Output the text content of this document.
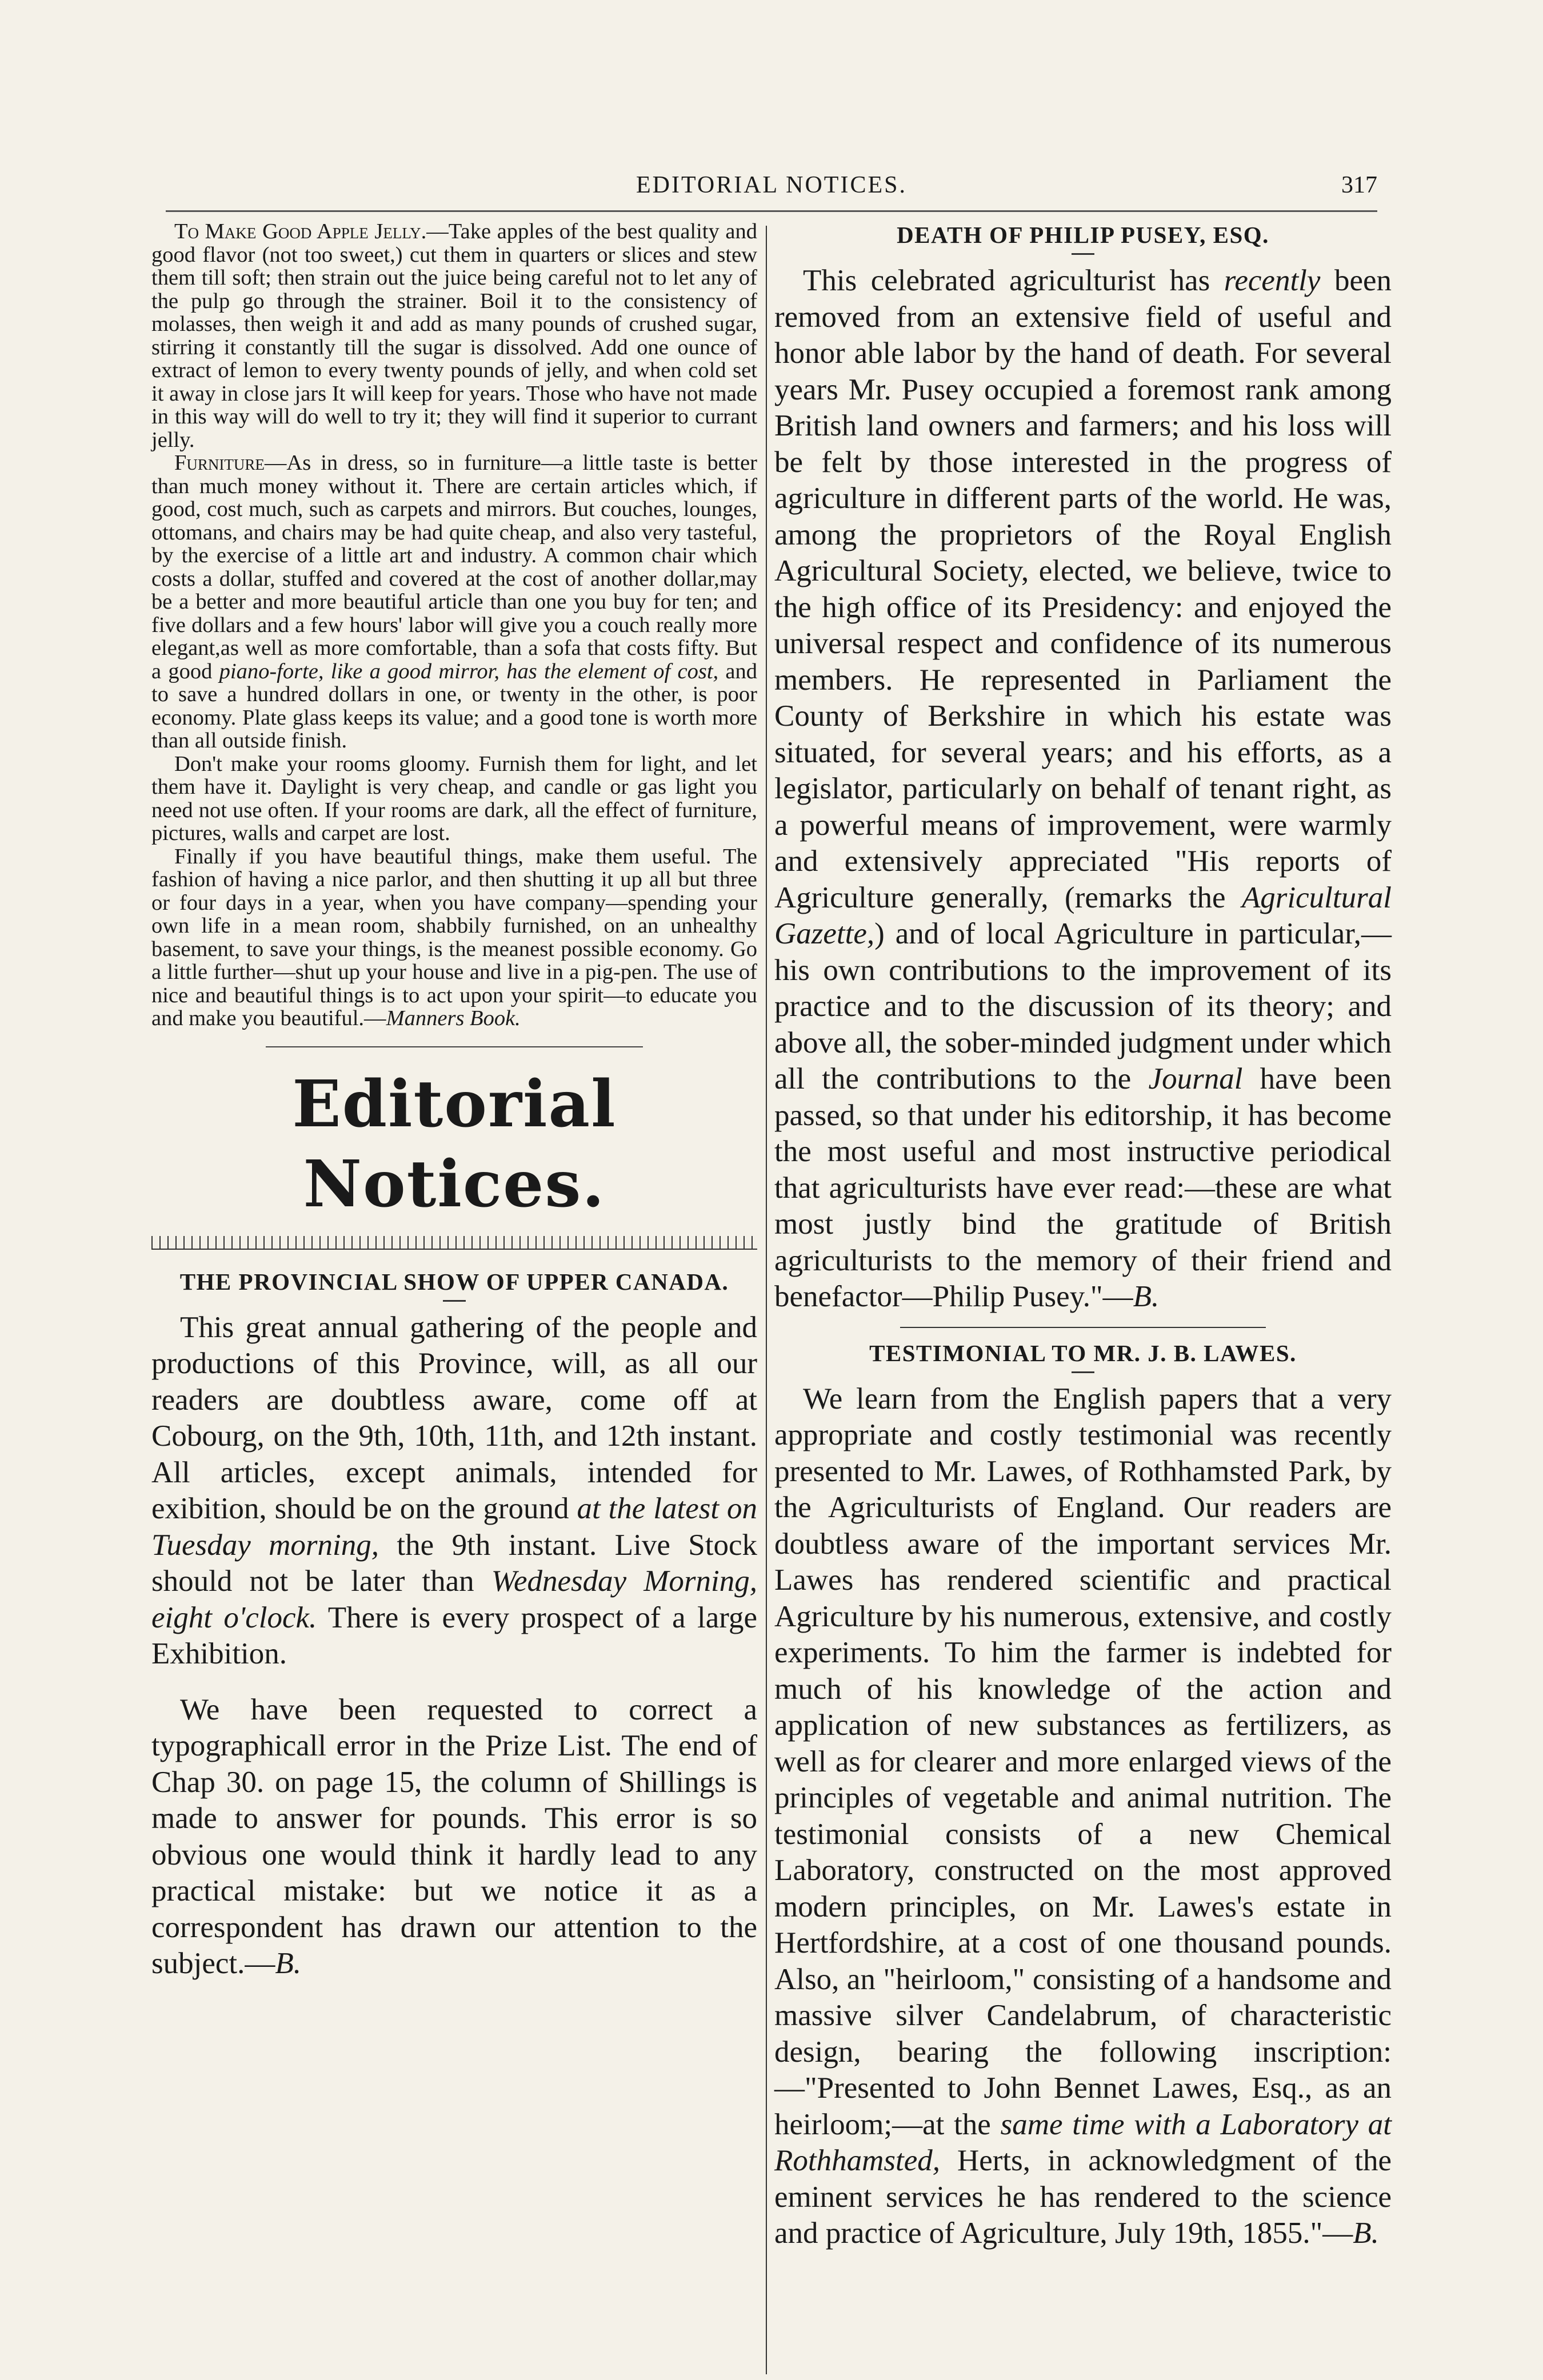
EDITORIAL NOTICES.	317

To Make Good Apple Jelly.—Take apples of the best quality and good flavor (not too sweet,) cut them in quarters or slices and stew them till soft; then strain out the juice being careful not to let any of the pulp go through the strainer. Boil it to the consistency of molasses, then weigh it and add as many pounds of crushed sugar, stirring it constantly till the sugar is dissolved. Add one ounce of extract of lemon to every twenty pounds of jelly, and when cold set it away in close jars It will keep for years. Those who have not made in this way will do well to try it; they will find it superior to currant jelly.

Furniture—As in dress, so in furniture—a little taste is better than much money without it. There are certain articles which, if good, cost much, such as carpets and mirrors. But couches, lounges, ottomans, and chairs may be had quite cheap, and also very tasteful, by the exercise of a little art and industry. A common chair which costs a dollar, stuffed and covered at the cost of another dollar,may be a better and more beautiful article than one you buy for ten; and five dollars and a few hours' labor will give you a couch really more elegant,as well as more comfortable, than a sofa that costs fifty. But a good piano-forte, like a good mirror, has the element of cost, and to save a hundred dollars in one, or twenty in the other, is poor economy. Plate glass keeps its value; and a good tone is worth more than all outside finish.

Don't make your rooms gloomy. Furnish them for light, and let them have it. Daylight is very cheap, and candle or gas light you need not use often. If your rooms are dark, all the effect of furniture, pictures, walls and carpet are lost.

Finally if you have beautiful things, make them useful. The fashion of having a nice parlor, and then shutting it up all but three or four days in a year, when you have company—spending your own life in a mean room, shabbily furnished, on an unhealthy basement, to save your things, is the meanest possible economy. Go a little further—shut up your house and live in a pig-pen. The use of nice and beautiful things is to act upon your spirit—to educate you and make you beautiful.—Manners Book.

Editorial Notices.
THE PROVINCIAL SHOW OF UPPER CANADA.

This great annual gathering of the people and productions of this Province, will, as all our readers are doubtless aware, come off at Cobourg, on the 9th, 10th, 11th, and 12th instant. All articles, except animals, intended for exibition, should be on the ground at the latest on Tuesday morning, the 9th instant. Live Stock should not be later than Wednesday Morning, eight o'clock. There is every prospect of a large Exhibition.

We have been requested to correct a typographicall error in the Prize List. The end of Chap 30. on page 15, the column of Shillings is made to answer for pounds. This error is so obvious one would think it hardly lead to any practical mistake: but we notice it as a correspondent has drawn our attention to the subject.—B.

DEATH OF PHILIP PUSEY, ESQ.

This celebrated agriculturist has recently been removed from an extensive field of useful and honor able labor by the hand of death. For several years Mr. Pusey occupied a foremost rank among British land owners and farmers; and his loss will be felt by those interested in the progress of agriculture in different parts of the world. He was, among the proprietors of the Royal English Agricultural Society, elected, we believe, twice to the high office of its Presidency: and enjoyed the universal respect and confidence of its numerous members. He represented in Parliament the County of Berkshire in which his estate was situated, for several years; and his efforts, as a legislator, particularly on behalf of tenant right, as a powerful means of improvement, were warmly and extensively appreciated "His reports of Agriculture generally, (remarks the Agricultural Gazette,) and of local Agriculture in particular,—his own contributions to the improvement of its practice and to the discussion of its theory; and above all, the sober-minded judgment under which all the contributions to the Journal have been passed, so that under his editorship, it has become the most useful and most instructive periodical that agriculturists have ever read:—these are what most justly bind the gratitude of British agriculturists to the memory of their friend and benefactor—Philip Pusey."—B.

TESTIMONIAL TO MR. J. B. LAWES.

We learn from the English papers that a very appropriate and costly testimonial was recently presented to Mr. Lawes, of Rothhamsted Park, by the Agriculturists of England. Our readers are doubtless aware of the important services Mr. Lawes has rendered scientific and practical Agriculture by his numerous, extensive, and costly experiments. To him the farmer is indebted for much of his knowledge of the action and application of new substances as fertilizers, as well as for clearer and more enlarged views of the principles of vegetable and animal nutrition. The testimonial consists of a new Chemical Laboratory, constructed on the most approved modern principles, on Mr. Lawes's estate in Hertfordshire, at a cost of one thousand pounds. Also, an "heirloom," consisting of a handsome and massive silver Candelabrum, of characteristic design, bearing the following inscription:—"Presented to John Bennet Lawes, Esq., as an heirloom;—at the same time with a Laboratory at Rothhamsted, Herts, in acknowledgment of the eminent services he has rendered to the science and practice of Agriculture, July 19th, 1855."—B.
